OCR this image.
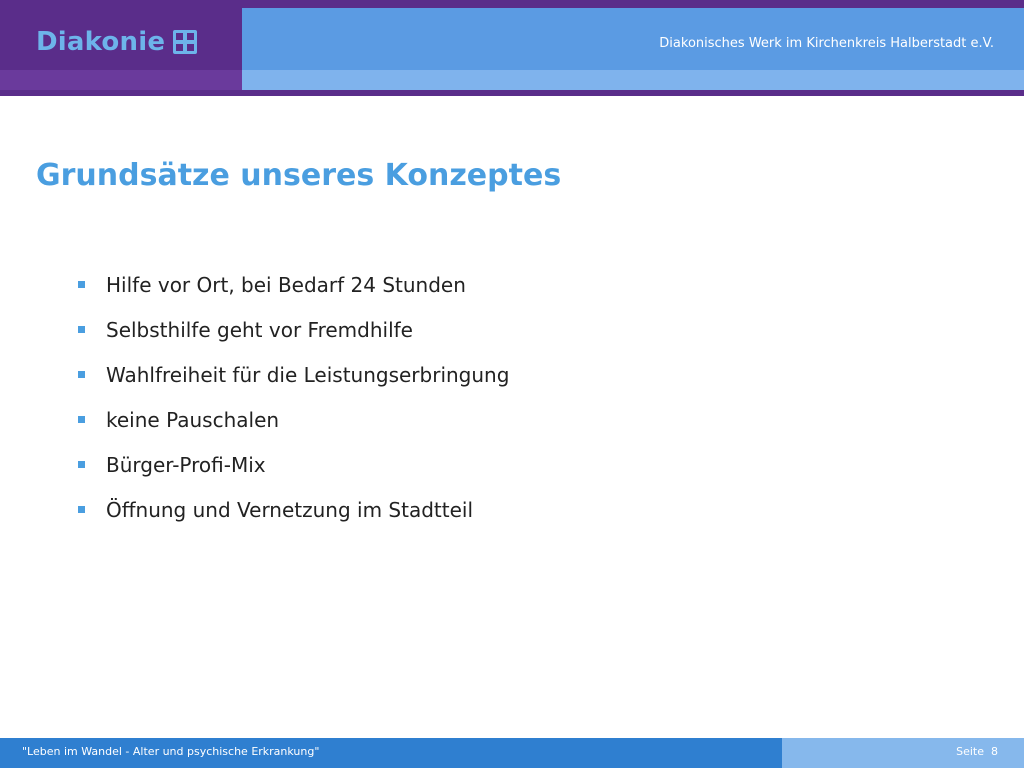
Diakonie	Diakonisches Werk im Kirchenkreis Halberstadt e.V.
Grundsätze unseres Konzeptes
Hilfe vor Ort, bei Bedarf 24 Stunden
Selbsthilfe geht vor Fremdhilfe
Wahlfreiheit für die Leistungserbringung
keine Pauschalen
Bürger-Profi-Mix
Öffnung und Vernetzung im Stadtteil
"Leben im Wandel - Alter und psychische Erkrankung"	Seite 8
